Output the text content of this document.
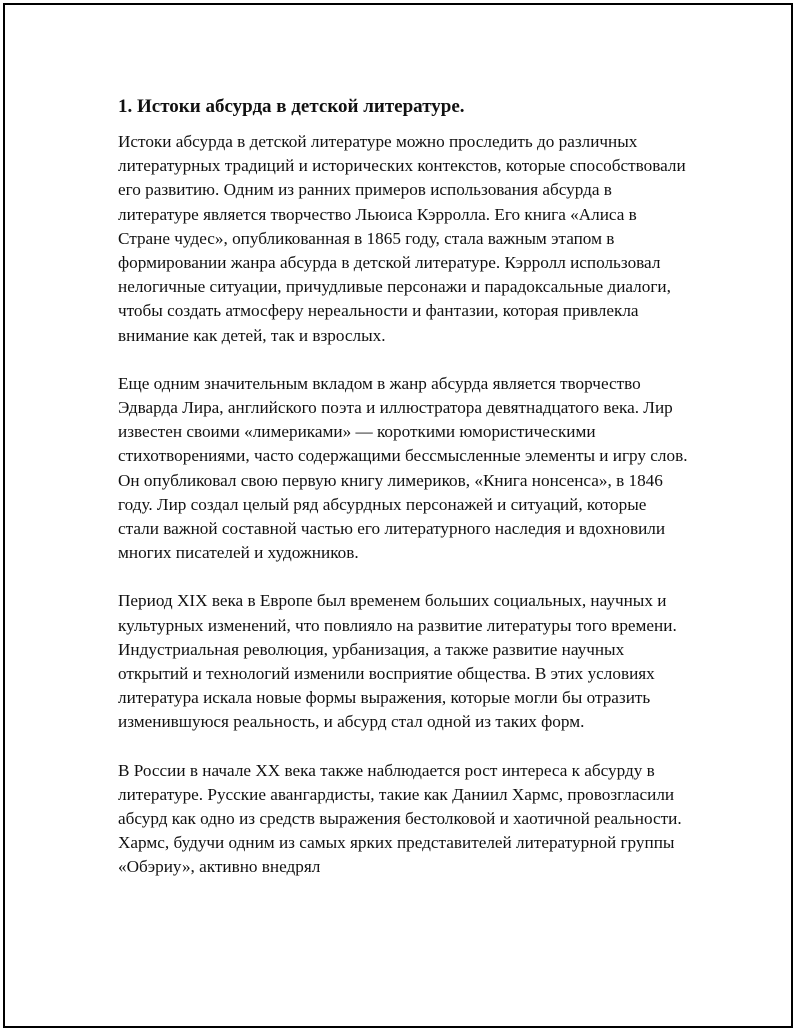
1. Истоки абсурда в детской литературе.

Истоки абсурда в детской литературе можно проследить до различных литературных традиций и исторических контекстов, которые способствовали его развитию. Одним из ранних примеров использования абсурда в литературе является творчество Льюиса Кэрролла. Его книга «Алиса в Стране чудес», опубликованная в 1865 году, стала важным этапом в формировании жанра абсурда в детской литературе. Кэрролл использовал нелогичные ситуации, причудливые персонажи и парадоксальные диалоги, чтобы создать атмосферу нереальности и фантазии, которая привлекла внимание как детей, так и взрослых.

Еще одним значительным вкладом в жанр абсурда является творчество Эдварда Лира, английского поэта и иллюстратора девятнадцатого века. Лир известен своими «лимериками» — короткими юмористическими стихотворениями, часто содержащими бессмысленные элементы и игру слов. Он опубликовал свою первую книгу лимериков, «Книга нонсенса», в 1846 году. Лир создал целый ряд абсурдных персонажей и ситуаций, которые стали важной составной частью его литературного наследия и вдохновили многих писателей и художников.

Период XIX века в Европе был временем больших социальных, научных и культурных изменений, что повлияло на развитие литературы того времени. Индустриальная революция, урбанизация, а также развитие научных открытий и технологий изменили восприятие общества. В этих условиях литература искала новые формы выражения, которые могли бы отразить изменившуюся реальность, и абсурд стал одной из таких форм.

В России в начале XX века также наблюдается рост интереса к абсурду в литературе. Русские авангардисты, такие как Даниил Хармс, провозгласили абсурд как одно из средств выражения бестолковой и хаотичной реальности. Хармс, будучи одним из самых ярких представителей литературной группы «Обэриу», активно внедрял
